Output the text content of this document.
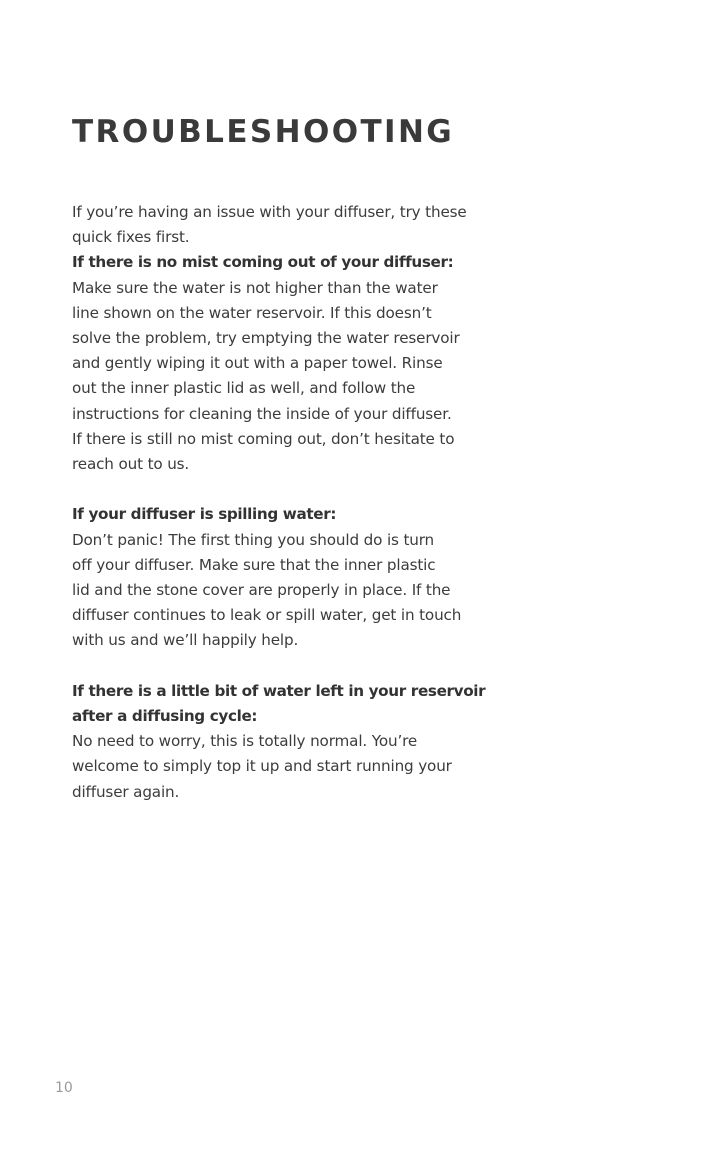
TROUBLESHOOTING

If you’re having an issue with your diffuser, try these
quick fixes first.

If there is no mist coming out of your diffuser:

Make sure the water is not higher than the water
line shown on the water reservoir. If this doesn’t
solve the problem, try emptying the water reservoir
and gently wiping it out with a paper towel. Rinse
out the inner plastic lid as well, and follow the
instructions for cleaning the inside of your diffuser.
If there is still no mist coming out, don’t hesitate to
reach out to us.

If your diffuser is spilling water:

Don’t panic! The first thing you should do is turn
off your diffuser. Make sure that the inner plastic
lid and the stone cover are properly in place. If the
diffuser continues to leak or spill water, get in touch
with us and we’ll happily help.

If there is a little bit of water left in your reservoir
after a diffusing cycle:

No need to worry, this is totally normal. You’re
welcome to simply top it up and start running your
diffuser again.

10
